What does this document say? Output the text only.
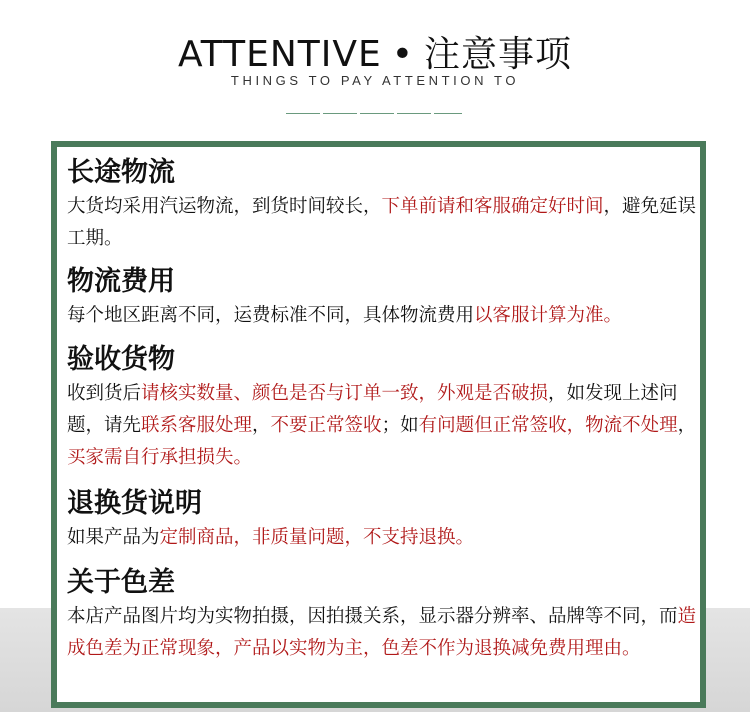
ATTENTIVE • 注意事项
THINGS TO PAY ATTENTION TO
长途物流
大货均采用汽运物流，到货时间较长，下单前请和客服确定好时间，避免延误工期。
物流费用
每个地区距离不同，运费标准不同，具体物流费用以客服计算为准。
验收货物
收到货后请核实数量、颜色是否与订单一致，外观是否破损，如发现上述问题，请先联系客服处理，不要正常签收；如有问题但正常签收，物流不处理，买家需自行承担损失。
退换货说明
如果产品为定制商品，非质量问题，不支持退换。
关于色差
本店产品图片均为实物拍摄，因拍摄关系，显示器分辨率、品牌等不同，而造成色差为正常现象，产品以实物为主，色差不作为退换减免费用理由。
